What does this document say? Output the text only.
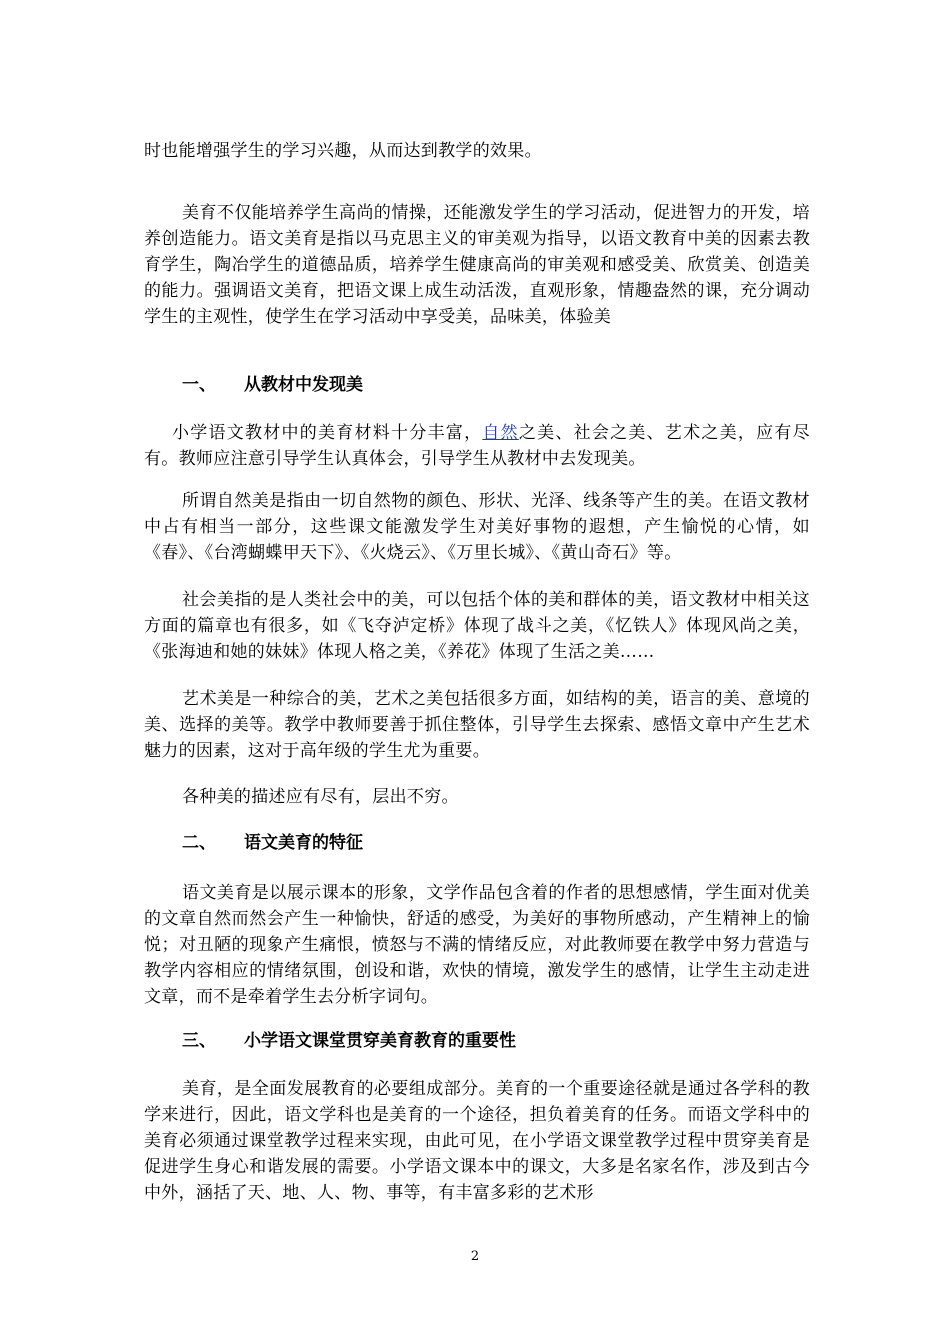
时也能增强学生的学习兴趣，从而达到教学的效果。

美育不仅能培养学生高尚的情操，还能激发学生的学习活动，促进智力的开发，培养创造能力。语文美育是指以马克思主义的审美观为指导，以语文教育中美的因素去教育学生，陶冶学生的道德品质，培养学生健康高尚的审美观和感受美、欣赏美、创造美的能力。强调语文美育，把语文课上成生动活泼，直观形象，情趣盎然的课，充分调动学生的主观性，使学生在学习活动中享受美，品味美，体验美

一、 从教材中发现美

小学语文教材中的美育材料十分丰富，自然之美、社会之美、艺术之美，应有尽有。教师应注意引导学生认真体会，引导学生从教材中去发现美。

所谓自然美是指由一切自然物的颜色、形状、光泽、线条等产生的美。在语文教材中占有相当一部分，这些课文能激发学生对美好事物的遐想，产生愉悦的心情，如《春》、《台湾蝴蝶甲天下》、《火烧云》、《万里长城》、《黄山奇石》等。

社会美指的是人类社会中的美，可以包括个体的美和群体的美，语文教材中相关这方面的篇章也有很多，如《飞夺泸定桥》体现了战斗之美，《忆铁人》体现风尚之美，《张海迪和她的妹妹》体现人格之美，《养花》体现了生活之美……

艺术美是一种综合的美，艺术之美包括很多方面，如结构的美，语言的美、意境的美、选择的美等。教学中教师要善于抓住整体，引导学生去探索、感悟文章中产生艺术魅力的因素，这对于高年级的学生尤为重要。

各种美的描述应有尽有，层出不穷。

二、 语文美育的特征

语文美育是以展示课本的形象，文学作品包含着的作者的思想感情，学生面对优美的文章自然而然会产生一种愉快，舒适的感受，为美好的事物所感动，产生精神上的愉悦；对丑陋的现象产生痛恨，愤怒与不满的情绪反应，对此教师要在教学中努力营造与教学内容相应的情绪氛围，创设和谐，欢快的情境，激发学生的感情，让学生主动走进文章，而不是牵着学生去分析字词句。

三、 小学语文课堂贯穿美育教育的重要性

美育，是全面发展教育的必要组成部分。美育的一个重要途径就是通过各学科的教学来进行，因此，语文学科也是美育的一个途径，担负着美育的任务。而语文学科中的美育必须通过课堂教学过程来实现，由此可见，在小学语文课堂教学过程中贯穿美育是促进学生身心和谐发展的需要。小学语文课本中的课文，大多是名家名作，涉及到古今中外，涵括了天、地、人、物、事等，有丰富多彩的艺术形

2
